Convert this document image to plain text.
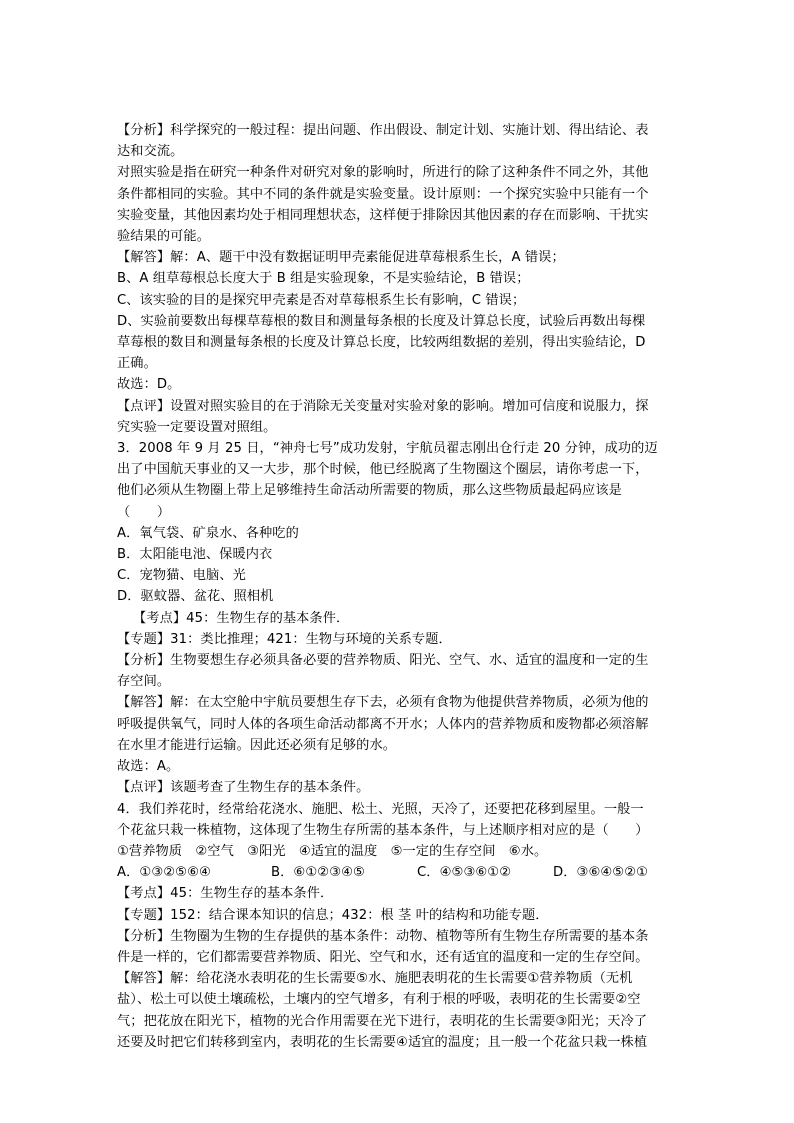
【分析】科学探究的一般过程：提出问题、作出假设、制定计划、实施计划、得出结论、表
达和交流。
对照实验是指在研究一种条件对研究对象的影响时，所进行的除了这种条件不同之外，其他
条件都相同的实验。其中不同的条件就是实验变量。设计原则：一个探究实验中只能有一个
实验变量，其他因素均处于相同理想状态，这样便于排除因其他因素的存在而影响、干扰实
验结果的可能。
【解答】解：A、题干中没有数据证明甲壳素能促进草莓根系生长，A 错误；
B、A 组草莓根总长度大于 B 组是实验现象，不是实验结论，B 错误；
C、该实验的目的是探究甲壳素是否对草莓根系生长有影响，C 错误；
D、实验前要数出每棵草莓根的数目和测量每条根的长度及计算总长度，试验后再数出每棵
草莓根的数目和测量每条根的长度及计算总长度，比较两组数据的差别，得出实验结论，D
正确。
故选：D。
【点评】设置对照实验目的在于消除无关变量对实验对象的影响。增加可信度和说服力，探
究实验一定要设置对照组。
3．2008 年 9 月 25 日，“神舟七号”成功发射，宇航员翟志刚出仓行走 20 分钟，成功的迈
出了中国航天事业的又一大步，那个时候，他已经脱离了生物圈这个圈层，请你考虑一下，
他们必须从生物圈上带上足够维持生命活动所需要的物质，那么这些物质最起码应该是
（　　）
A．氧气袋、矿泉水、各种吃的
B．太阳能电池、保暖内衣
C．宠物猫、电脑、光
D．驱蚊器、盆花、照相机
【考点】45：生物生存的基本条件．
【专题】31：类比推理；421：生物与环境的关系专题．
【分析】生物要想生存必须具备必要的营养物质、阳光、空气、水、适宜的温度和一定的生
存空间。
【解答】解：在太空舱中宇航员要想生存下去，必须有食物为他提供营养物质，必须为他的
呼吸提供氧气，同时人体的各项生命活动都离不开水；人体内的营养物质和废物都必须溶解
在水里才能进行运输。因此还必须有足够的水。
故选：A。
【点评】该题考查了生物生存的基本条件。
4．我们养花时，经常给花浇水、施肥、松土、光照，天冷了，还要把花移到屋里。一般一
个花盆只栽一株植物，这体现了生物生存所需的基本条件，与上述顺序相对应的是（　　）
①营养物质　②空气　③阳光　④适宜的温度　⑤一定的生存空间　⑥水。
A．①③②⑤⑥④	B．⑥①②③④⑤	C．④⑤③⑥①②	D．③⑥④⑤②①
【考点】45：生物生存的基本条件．
【专题】152：结合课本知识的信息；432：根 茎 叶的结构和功能专题．
【分析】生物圈为生物的生存提供的基本条件：动物、植物等所有生物生存所需要的基本条
件是一样的，它们都需要营养物质、阳光、空气和水，还有适宜的温度和一定的生存空间。
【解答】解：给花浇水表明花的生长需要⑤水、施肥表明花的生长需要①营养物质（无机
盐）、松土可以使土壤疏松，土壤内的空气增多，有利于根的呼吸，表明花的生长需要②空
气；把花放在阳光下，植物的光合作用需要在光下进行，表明花的生长需要③阳光；天冷了
还要及时把它们转移到室内，表明花的生长需要④适宜的温度；且一般一个花盆只栽一株植
